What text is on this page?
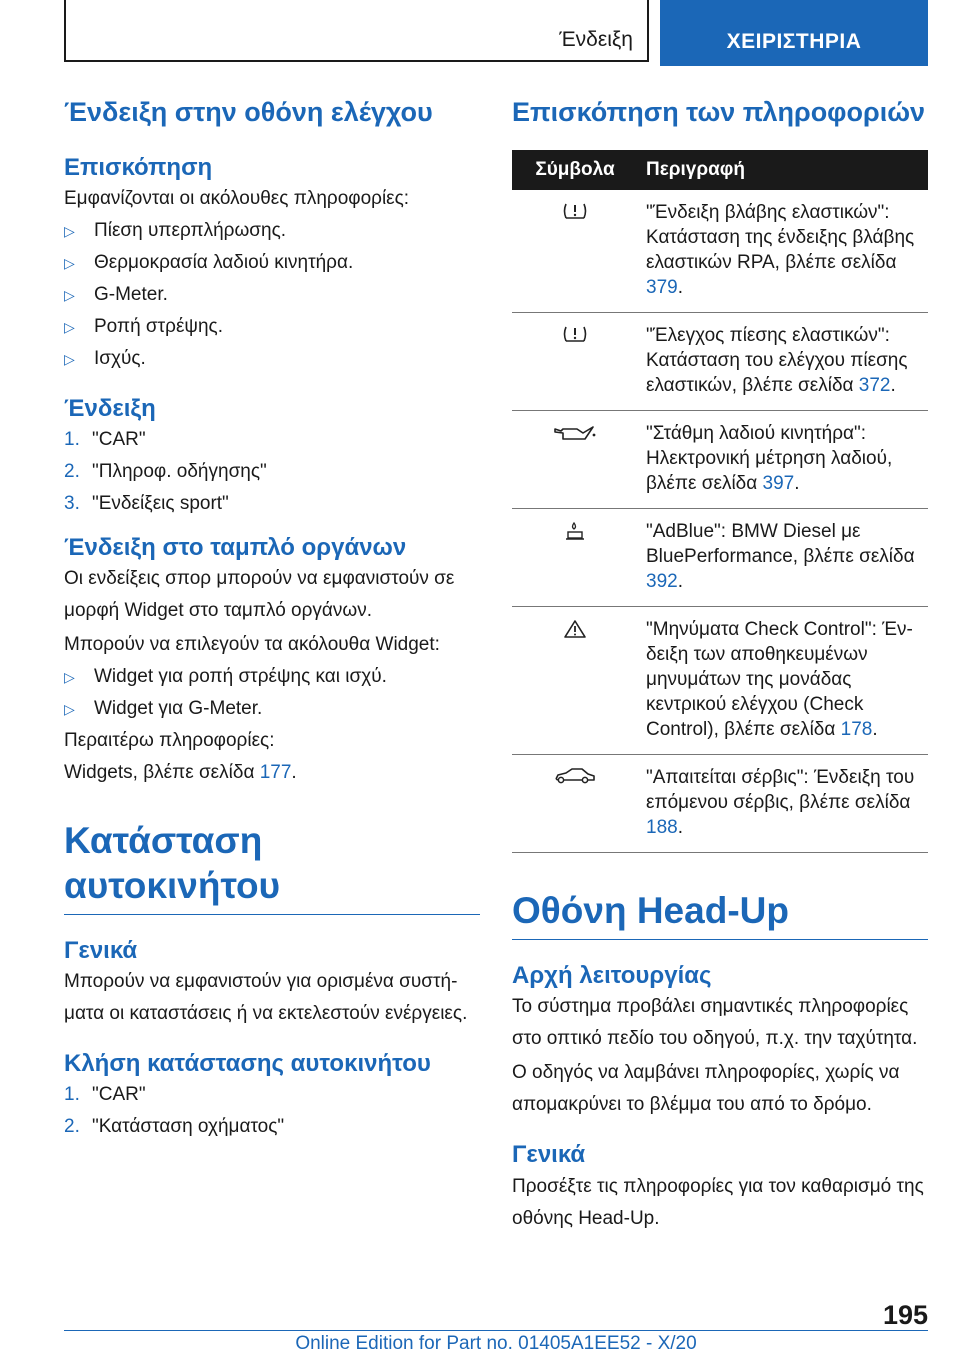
Ένδειξη	ΧΕΙΡΙΣΤΗΡΙΑ
Ένδειξη στην οθόνη ελέγχου
Επισκόπηση

Εμφανίζονται οι ακόλουθες πληροφορίες:

▷ Πίεση υπερπλήρωσης.
▷ Θερμοκρασία λαδιού κινητήρα.
▷ G-Meter.
▷ Ροπή στρέψης.
▷ Ισχύς.
Ένδειξη
1. "CAR"
2. "Πληροφ. οδήγησης"
3. "Ενδείξεις sport"
Ένδειξη στο ταμπλό οργάνων

Οι ενδείξεις σπορ μπορούν να εμφανιστούν σε μορφή Widget στο ταμπλό οργάνων.

Μπορούν να επιλεγούν τα ακόλουθα Widget:

▷ Widget για ροπή στρέψης και ισχύ.
▷ Widget για G-Meter.

Περαιτέρω πληροφορίες:

Widgets, βλέπε σελίδα 177.

Κατάσταση αυτοκινήτου
Γενικά

Μπορούν να εμφανιστούν για ορισμένα συστήματα οι καταστάσεις ή να εκτελεστούν ενέργειες.

Κλήση κατάστασης αυτοκινήτου
1. "CAR"
2. "Κατάσταση οχήματος"
Επισκόπηση των πληροφοριών
Σύμβολα	Περιγραφή

	"Ένδειξη βλάβης ελαστικών": Κατάσταση της ένδειξης βλάβης ελαστικών RPA, βλέπε σελίδα 379.

	"Έλεγχος πίεσης ελαστικών": Κατάσταση του ελέγχου πίεσης ελαστικών, βλέπε σελίδα 372.

	"Στάθμη λαδιού κινητήρα": Ηλεκτρονική μέτρηση λαδιού, βλέπε σελίδα 397.

	"AdBlue": BMW Diesel με BluePerformance, βλέπε σελίδα 392.

	"Μηνύματα Check Control": Ένδειξη των αποθηκευμένων μηνυμάτων της μονάδας κεντρικού ελέγχου (Check Control), βλέπε σελίδα 178.

	"Απαιτείται σέρβις": Ένδειξη του επόμενου σέρβις, βλέπε σελίδα 188.
Οθόνη Head-Up
Αρχή λειτουργίας

Το σύστημα προβάλει σημαντικές πληροφορίες στο οπτικό πεδίο του οδηγού, π.χ. την ταχύτητα.

Ο οδηγός να λαμβάνει πληροφορίες, χωρίς να απομακρύνει το βλέμμα του από το δρόμο.

Γενικά

Προσέξτε τις πληροφορίες για τον καθαρισμό της οθόνης Head-Up.

195
Online Edition for Part no. 01405A1EE52 - X/20
